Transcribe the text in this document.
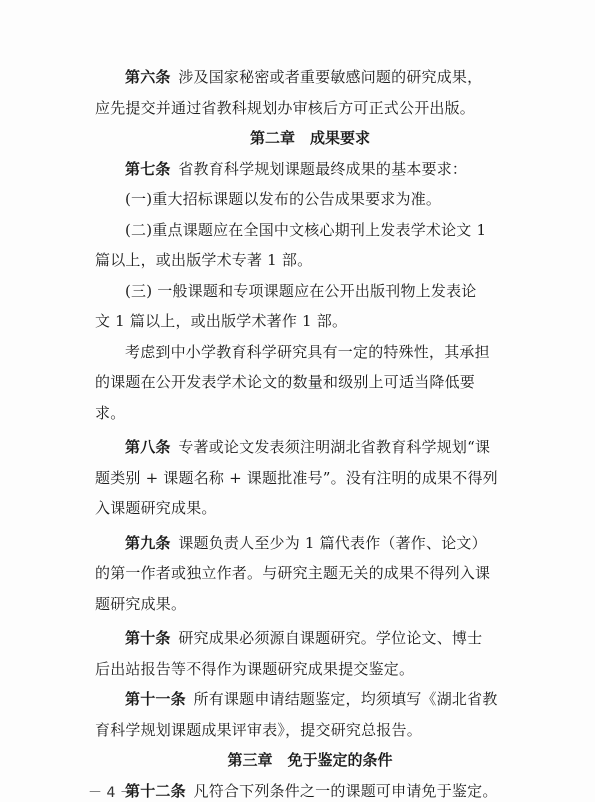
第六条  涉及国家秘密或者重要敏感问题的研究成果，
应先提交并通过省教科规划办审核后方可正式公开出版。
第二章　成果要求
第七条  省教育科学规划课题最终成果的基本要求：
(一)重大招标课题以发布的公告成果要求为准。
(二)重点课题应在全国中文核心期刊上发表学术论文 1
篇以上，或出版学术专著 1 部。
(三) 一般课题和专项课题应在公开出版刊物上发表论
文 1 篇以上，或出版学术著作 1 部。
考虑到中小学教育科学研究具有一定的特殊性，其承担
的课题在公开发表学术论文的数量和级别上可适当降低要
求。
第八条  专著或论文发表须注明湖北省教育科学规划“课
题类别 + 课题名称 + 课题批准号”。没有注明的成果不得列
入课题研究成果。
第九条  课题负责人至少为 1 篇代表作（著作、论文）
的第一作者或独立作者。与研究主题无关的成果不得列入课
题研究成果。
第十条  研究成果必须源自课题研究。学位论文、博士
后出站报告等不得作为课题研究成果提交鉴定。
第十一条  所有课题申请结题鉴定，均须填写《湖北省教
育科学规划课题成果评审表》，提交研究总报告。
第三章　免于鉴定的条件
第十二条  凡符合下列条件之一的课题可申请免于鉴定。
－ 4 －
